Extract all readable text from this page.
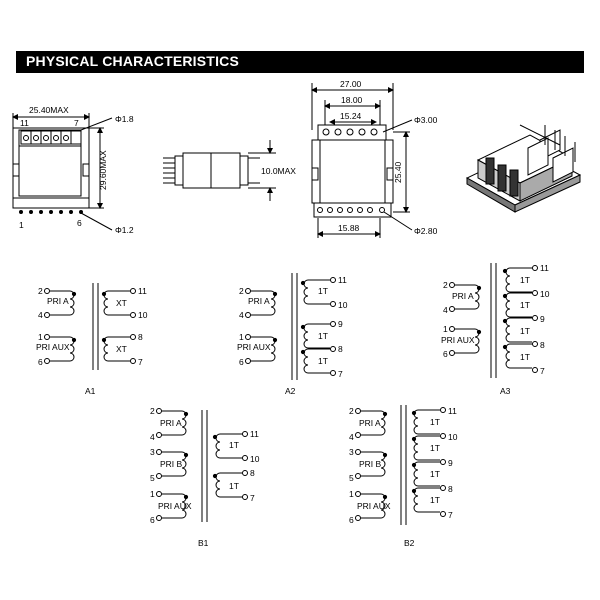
PHYSICAL CHARACTERISTICS
25.40MAX
11	7
1	6
29.60MAX
Φ1.8
Φ1.2
10.0MAX
27.00
18.00
15.24
25.40
Φ3.00
Φ2.80
15.88
2
PRI A
4
1
PRI AUX
6
11
XT
10
8
XT
7
A1
2
PRI A
4
1
PRI AUX
6
11
1T
10
9
1T
8
1T
7
A2
2
PRI A
4
1
PRI AUX
6
11
1T
10
1T
9
1T
8
1T
7
A3
2
PRI A
4
3
PRI B
5
1
PRI AUX
6
11
1T
10
8
1T
7
B1
2
PRI A
4
3
PRI B
5
1
PRI AUX
6
11
1T
10
1T
9
1T
8
1T
7
B2
